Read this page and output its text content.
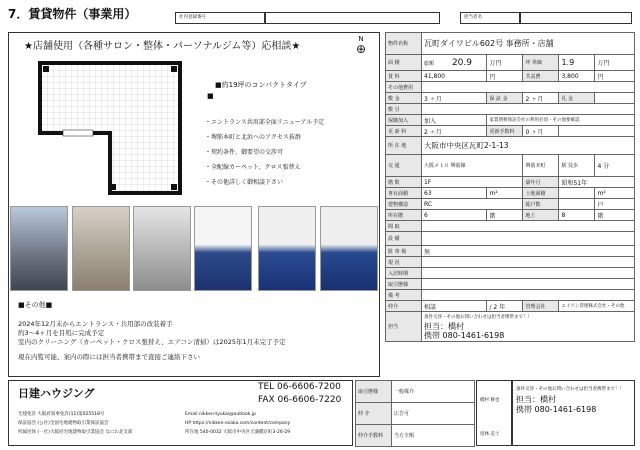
7．賃貸物件（事業用）	社内登録番号	担当者名
★店舗使用（各種サロン・整体・パーソナルジム等）応相談★
N
⊕
■約19坪のコンパクトタイプ
■
・エントランス共用部全面リニューアル予定
・堺筋本町と北浜へのアクセス抜群
・契約条件、御要望の交渉可
・全配線カーペット、クロス張替え
・その他詳しく御相談下さい
■その他■
2024年12月末からエントランス・共用部の改装着手
約3～4ヶ月を目処に完成予定
室内のクリーニング（カーペット・クロス張替え、エアコン清掃）は2025年1月末完了予定
現在内覧可能、案内の際には担当者携帯まで直接ご連絡下さい
物件名称	瓦町ダイワビル602号 事務所・店舗				
面 積	総額 20.9	万円	坪 単価	1.9	万円
賃 料	41,800	円	共益費	3,800	円
その他費用					
敷 金	3 ヶ月	保 証 金	2 ヶ月	礼 金	
敷 引					
保険加入	加入	家賃債務保証会社の利用必須・その他要確認			
更 新 料	2 ヶ月	更新手数料	0 ヶ月		
所 在 地	大阪市中央区瓦町2-1-13				
交 通	大阪メトロ 堺筋線		堺筋本町	駅 徒歩	4 分
階 数	1F		築年月	昭和51年	
専有面積	63	m²	土地面積		m²
建物構造	RC		総戸数		戸
所在階	6	階	地上	8	階
間 取					
設 備					
駐 車 場	無				
現 況					
入居時期					
取引態様					
備 考					
仲介	相談	/ 2 年	管理会社	エイワン管理株式会社・その他	
担当	条件交渉・その他お問い合わせは担当者携帯まで！！
担当：橋村
携帯 080-1461-6198				
日建ハウジング	TEL 06-6606-7200
FAX 06-6606-7220
宅建免許 大阪府知事免許(11)第025518号
保証協会 (公社)全国宅地建物取引業保証協会
所属団体 (一社)大阪府宅地建物取引業協会 なにわ北支部
Email nikken-tyukai@outlook.jp
HP https://nikken-osaka.com/content/company
所在地 540-0032 大阪市中央区天満橋京町3-26-29
取引態様	一般媒介
仲 介	広告可
仲介手数料	当方全額
橋村 修也
留林 美士
条件交渉・その他お問い合わせは担当者携帯まで！！
担当：橋村
携帯 080-1461-6198
